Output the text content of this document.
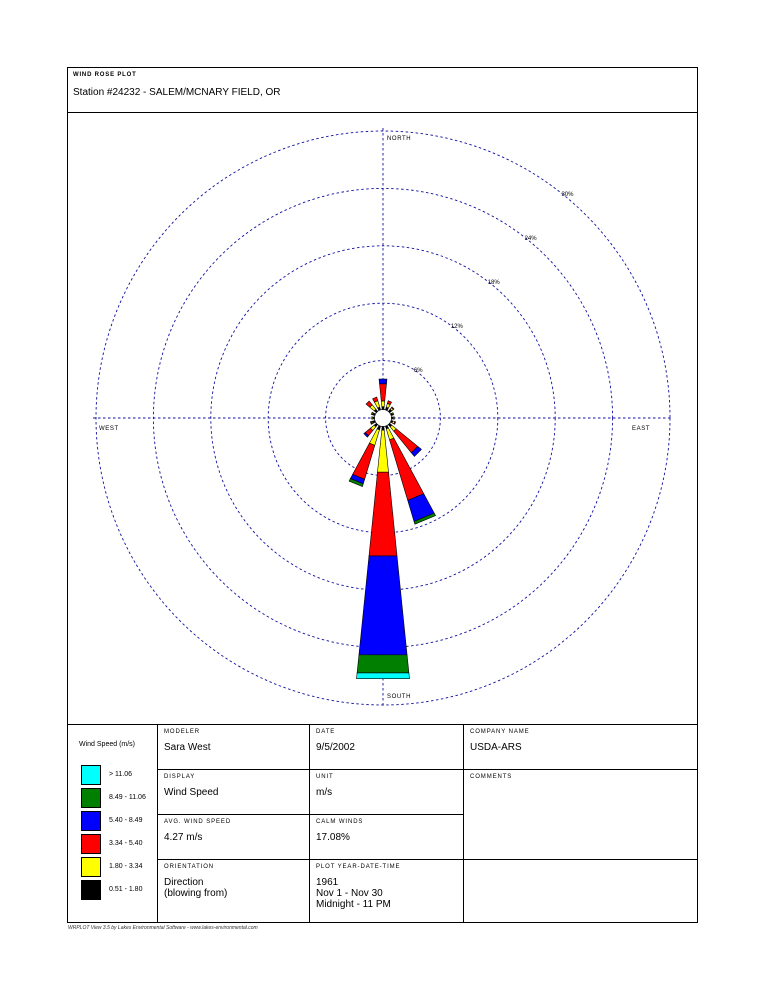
WIND ROSE PLOT
Station #24232 - SALEM/MCNARY FIELD, OR
6%
12%
18%
24%
30%
NORTH
SOUTH
EAST
WEST
Wind Speed (m/s)
> 11.06
8.49 - 11.06
5.40 - 8.49
3.34 - 5.40
1.80 - 3.34
0.51 - 1.80
MODELER
Sara West
DATE
9/5/2002
COMPANY NAME
USDA-ARS
DISPLAY
Wind Speed
UNIT
m/s
COMMENTS
AVG. WIND SPEED
4.27 m/s
CALM WINDS
17.08%
ORIENTATION
Direction
(blowing from)
PLOT YEAR-DATE-TIME
1961
Nov 1 - Nov 30
Midnight - 11 PM
WRPLOT View 3.5 by Lakes Environmental Software - www.lakes-environmental.com
